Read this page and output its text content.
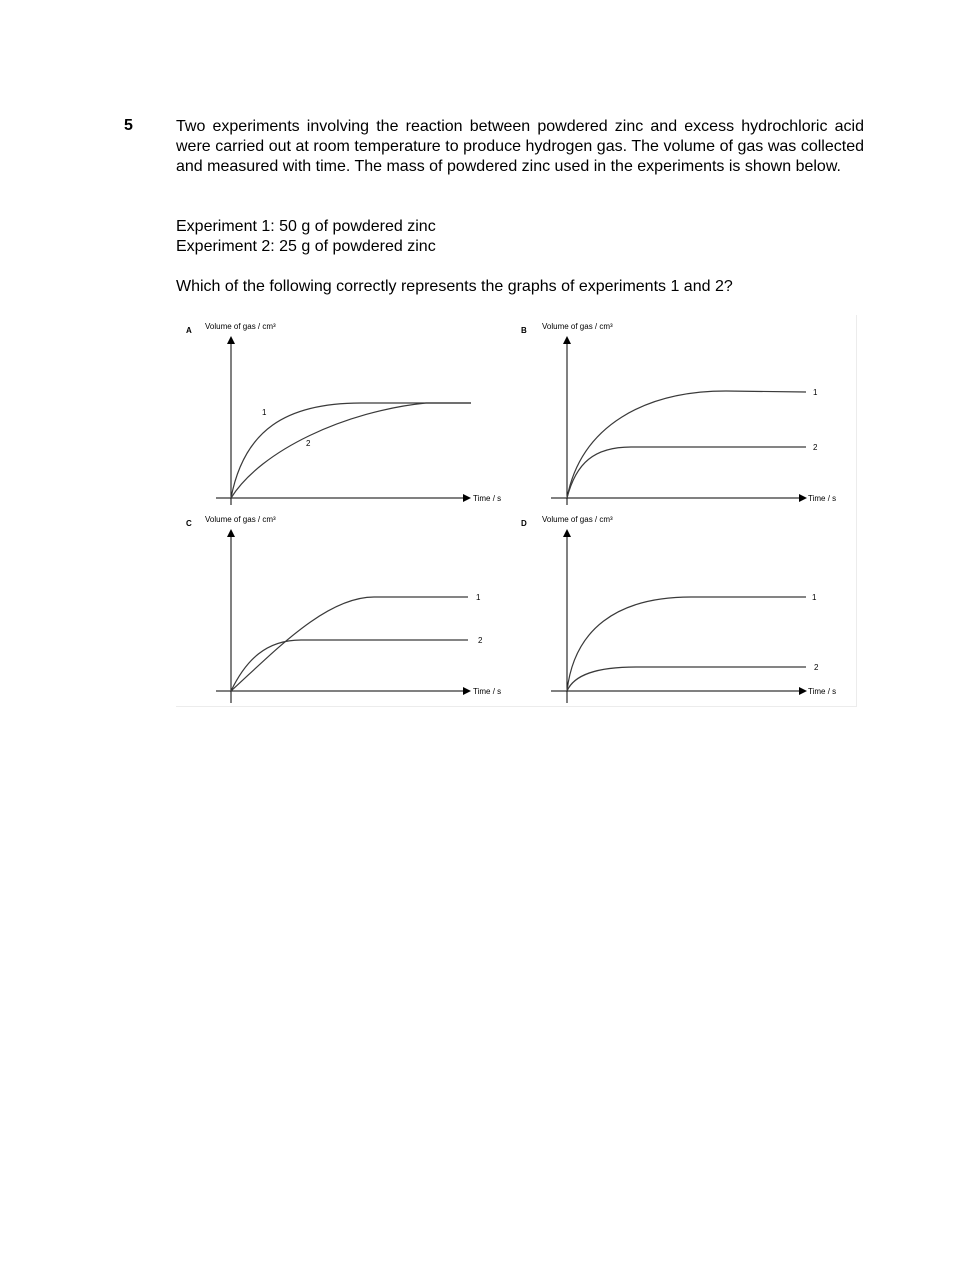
5	Two experiments involving the reaction between powdered zinc and excess hydrochloric acid were carried out at room temperature to produce hydrogen gas. The volume of gas was collected and measured with time. The mass of powdered zinc used in the experiments is shown below.

Experiment 1: 50 g of powdered zinc

Experiment 2: 25 g of powdered zinc

Which of the following correctly represents the graphs of experiments 1 and 2?

A Volume of gas / cm³
Time / s
1
2
B Volume of gas / cm³
Time / s
1
2
C Volume of gas / cm³
Time / s
1
2
D Volume of gas / cm³
Time / s
1
2
